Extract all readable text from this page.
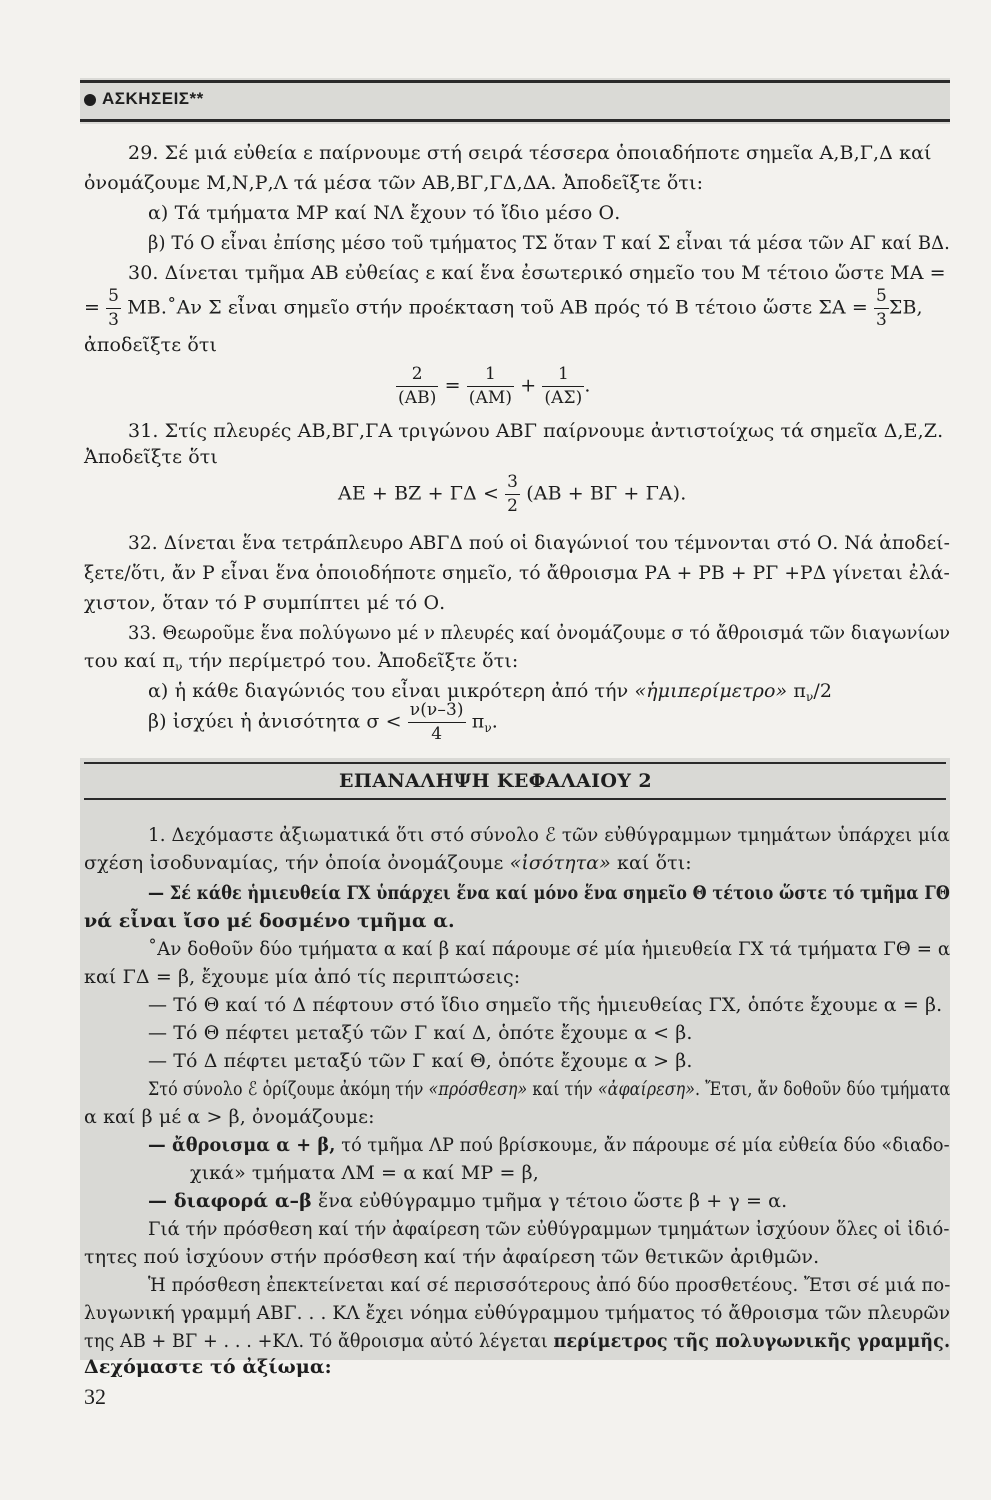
ΑΣΚΗΣΕΙΣ**
29. Σέ μιά εὐθεία ε παίρνουμε στή σειρά τέσσερα ὁποιαδήποτε σημεῖα Α,Β,Γ,Δ καί
ὀνομάζουμε Μ,Ν,Ρ,Λ τά μέσα τῶν ΑΒ,ΒΓ,ΓΔ,ΔΑ. Ἀποδεῖξτε ὅτι:
α) Τά τμήματα ΜΡ καί ΝΛ ἔχουν τό ἴδιο μέσο Ο.
β) Τό Ο εἶναι ἐπίσης μέσο τοῦ τμήματος ΤΣ ὅταν Τ καί Σ εἶναι τά μέσα τῶν ΑΓ καί ΒΔ.
30. Δίνεται τμῆμα ΑΒ εὐθείας ε καί ἕνα ἐσωτερικό σημεῖο του Μ τέτοιο ὥστε ΜΑ =
= $\frac{5}{3}$ ΜΒ.˚Αν Σ εἶναι σημεῖο στήν προέκταση τοῦ ΑΒ πρός τό Β τέτοιο ὥστε $\Sigma A = \frac{5}{3} \Sigma B$,
ἀποδεῖξτε ὅτι
$\frac{2}{(AB)} = \frac{1}{(AM)} + \frac{1}{(A\Sigma)}$ .
31. Στίς πλευρές ΑΒ,ΒΓ,ΓΑ τριγώνου ΑΒΓ παίρνουμε ἀντιστοίχως τά σημεῖα Δ,Ε,Ζ.
Ἀποδεῖξτε ὅτι
$AE + BZ + \Gamma\Delta < \frac{3}{2} (AB + B\Gamma + \Gamma A)$.
32. Δίνεται ἕνα τετράπλευρο ΑΒΓΔ πού οἱ διαγώνιοί του τέμνονται στό Ο. Νά ἀποδεί-
ξετε/ὅτι, ἄν Ρ εἶναι ἕνα ὁποιοδήποτε σημεῖο, τό ἄθροισμα ΡΑ + ΡΒ + ΡΓ +ΡΔ γίνεται ἐλά-
χιστον, ὅταν τό Ρ συμπίπτει μέ τό Ο.
33. Θεωροῦμε ἕνα πολύγωνο μέ ν πλευρές καί ὀνομάζουμε σ τό ἄθροισμά τῶν διαγωνίων
του καί $\pi_\nu$ τήν περίμετρό του. Ἀποδεῖξτε ὅτι:
α) ἡ κάθε διαγώνιός του εἶναι μικρότερη ἀπό τήν «ἡμιπερίμετρο» $\pi_\nu/2$
β) ἰσχύει ἡ ἀνισότητα $\sigma < \frac{\nu(\nu-3)}{4} \pi_\nu$.
ΕΠΑΝΑΛΗΨΗ ΚΕΦΑΛΑΙΟΥ 2
1. Δεχόμαστε ἀξιωματικά ὅτι στό σύνολο ℰ τῶν εὐθύγραμμων τμημάτων ὑπάρχει μία
σχέση ἰσοδυναμίας, τήν ὁποία ὀνομάζουμε «ἰσότητα» καί ὅτι:
— Σέ κάθε ἡμιευθεία ΓΧ ὑπάρχει ἕνα καί μόνο ἕνα σημεῖο Θ τέτοιο ὥστε τό τμῆμα ΓΘ
νά εἶναι ἴσο μέ δοσμένο τμῆμα α.
˚Αν δοθοῦν δύο τμήματα α καί β καί πάρουμε σέ μία ἡμιευθεία ΓΧ τά τμήματα ΓΘ = α
καί ΓΔ = β, ἔχουμε μία ἀπό τίς περιπτώσεις:
— Τό Θ καί τό Δ πέφτουν στό ἴδιο σημεῖο τῆς ἡμιευθείας ΓΧ, ὁπότε ἔχουμε α = β.
— Τό Θ πέφτει μεταξύ τῶν Γ καί Δ, ὁπότε ἔχουμε α < β.
— Τό Δ πέφτει μεταξύ τῶν Γ καί Θ, ὁπότε ἔχουμε α > β.
Στό σύνολο ℰ ὁρίζουμε ἀκόμη τήν «πρόσθεση» καί τήν «ἀφαίρεση». Ἔτσι, ἄν δοθοῦν δύο τμήματα
α καί β μέ α > β, ὀνομάζουμε:
— ἄθροισμα α + β, τό τμῆμα ΛΡ πού βρίσκουμε, ἄν πάρουμε σέ μία εὐθεία δύο «διαδο-
χικά» τμήματα ΛΜ = α καί ΜΡ = β,
— διαφορά α–β ἕνα εὐθύγραμμο τμῆμα γ τέτοιο ὥστε β + γ = α.
Γιά τήν πρόσθεση καί τήν ἀφαίρεση τῶν εὐθύγραμμων τμημάτων ἰσχύουν ὅλες οἱ ἰδιό-
τητες πού ἰσχύουν στήν πρόσθεση καί τήν ἀφαίρεση τῶν θετικῶν ἀριθμῶν.
Ἡ πρόσθεση ἐπεκτείνεται καί σέ περισσότερους ἀπό δύο προσθετέους. Ἔτσι σέ μιά πο-
λυγωνική γραμμή ΑΒΓ. . . ΚΛ ἔχει νόημα εὐθύγραμμου τμήματος τό ἄθροισμα τῶν πλευρῶν
της ΑΒ + ΒΓ + . . . +ΚΛ. Τό ἄθροισμα αὐτό λέγεται περίμετρος τῆς πολυγωνικῆς γραμμῆς.
Δεχόμαστε τό ἀξίωμα:
32
